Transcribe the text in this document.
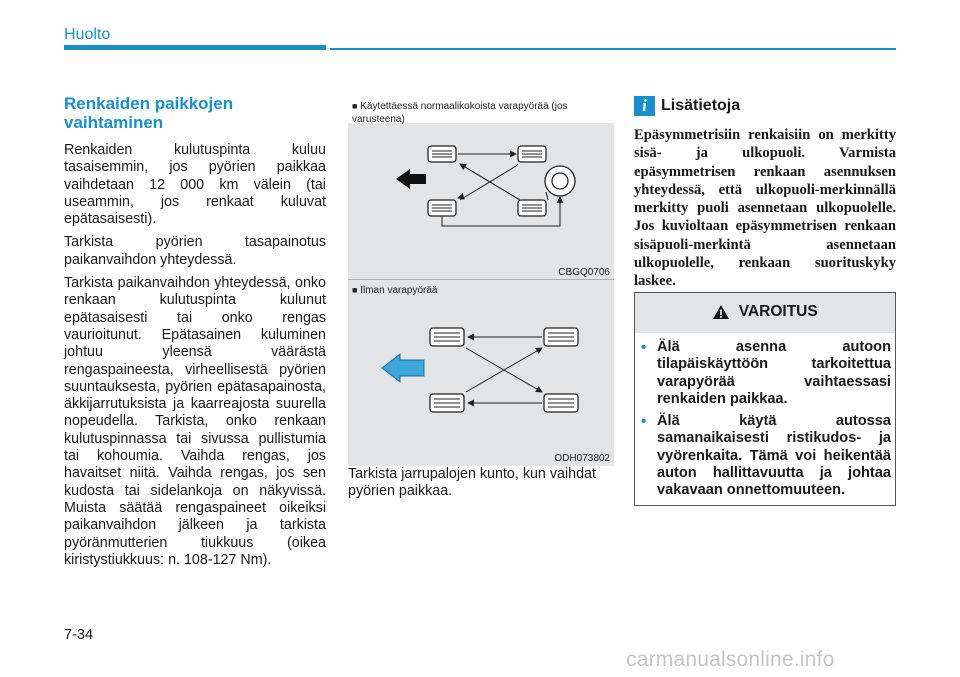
Huolto
Renkaiden paikkojen vaihtaminen

Renkaiden kulutuspinta kuluu tasaisemmin, jos pyörien paikkaa vaihdetaan 12 000 km välein (tai useammin, jos renkaat kuluvat epätasaisesti).

Tarkista pyörien tasapainotus paikanvaihdon yhteydessä.

Tarkista paikanvaihdon yhteydessä, onko renkaan kulutuspinta kulunut epätasaisesti tai onko rengas vaurioitunut. Epätasainen kuluminen johtuu yleensä väärästä rengaspaineesta, virheellisestä pyörien suuntauksesta, pyörien epätasapainosta, äkkijarrutuksista ja kaarreajosta suurella nopeudella. Tarkista, onko renkaan kulutuspinnassa tai sivussa pullistumia tai kohoumia. Vaihda rengas, jos havaitset niitä. Vaihda rengas, jos sen kudosta tai sidelankoja on näkyvissä. Muista säätää rengaspaineet oikeiksi paikanvaihdon jälkeen ja tarkista pyöränmutterien tiukkuus (oikea kiristystiukkuus: n. 108-127 Nm).

■ Käytettäessä normaalikokoista varapyörää (jos varusteena)
CBGQ0706
■ Ilman varapyörää
ODH073802

Tarkista jarrupalojen kunto, kun vaihdat pyörien paikkaa.

i Lisätietoja

Epäsymmetrisiin renkaisiin on merkitty sisä- ja ulkopuoli. Varmista epäsymmetrisen renkaan asennuksen yhteydessä, että ulkopuoli-merkinnällä merkitty puoli asennetaan ulkopuolelle. Jos kuvioltaan epäsymmetrisen renkaan sisäpuoli-merkintä asennetaan ulkopuolelle, renkaan suorituskyky laskee.

VAROITUS
• Älä asenna autoon tilapäiskäyttöön tarkoitettua varapyörää vaihtaessasi renkaiden paikkaa.
• Älä käytä autossa samanaikaisesti ristikudos- ja vyörenkaita. Tämä voi heikentää auton hallittavuutta ja johtaa vakavaan onnettomuuteen.
7-34
carmanualsonline.info
